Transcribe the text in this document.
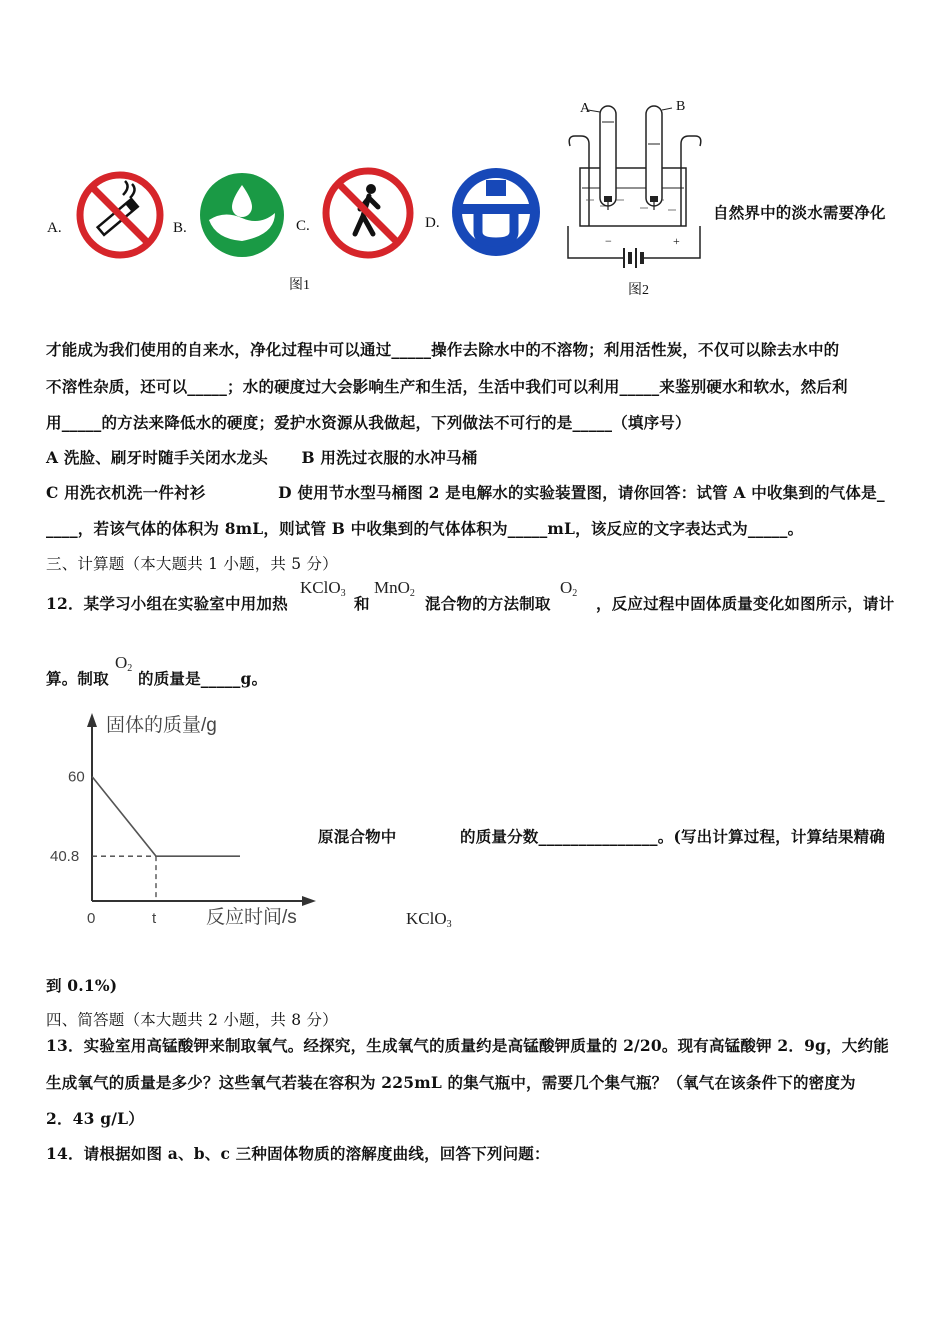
A.	B.	C.	D.
图1
A	B
−	+
图2
自然界中的淡水需要净化
才能成为我们使用的自来水，净化过程中可以通过_____操作去除水中的不溶物；利用活性炭，不仅可以除去水中的
不溶性杂质，还可以_____；水的硬度过大会影响生产和生活，生活中我们可以利用_____来鉴别硬水和软水，然后利
用_____的方法来降低水的硬度；爱护水资源从我做起，下列做法不可行的是_____（填序号）
A 洗脸、刷牙时随手关闭水龙头      B 用洗过衣服的水冲马桶
C 用洗衣机洗一件衬衫             D 使用节水型马桶图 2 是电解水的实验装置图，请你回答：试管 A 中收集到的气体是_
____，若该气体的体积为 8mL，则试管 B 中收集到的气体体积为_____mL，该反应的文字表达式为_____。
三、计算题（本大题共 1 小题，共 5 分）
12．某学习小组在实验室中用加热
KClO$_3$
和
MnO$_2$
混合物的方法制取
$O_2$
，反应过程中固体质量变化如图所示，请计
算。制取
$O_2$
的质量是_____g。
固体的质量/g
反应时间/s
60
40.8
0	t
原混合物中	的质量分数_______________。(写出计算过程，计算结果精确
KClO$_3$
到 0.1%)
四、简答题（本大题共 2 小题，共 8 分）
13．实验室用高锰酸钾来制取氧气。经探究，生成氧气的质量约是高锰酸钾质量的 2/20。现有高锰酸钾 2．9g，大约能
生成氧气的质量是多少？这些氧气若装在容积为 225mL 的集气瓶中，需要几个集气瓶？（氧气在该条件下的密度为
2．43 g/L）
14．请根据如图 a、b、c 三种固体物质的溶解度曲线，回答下列问题：
